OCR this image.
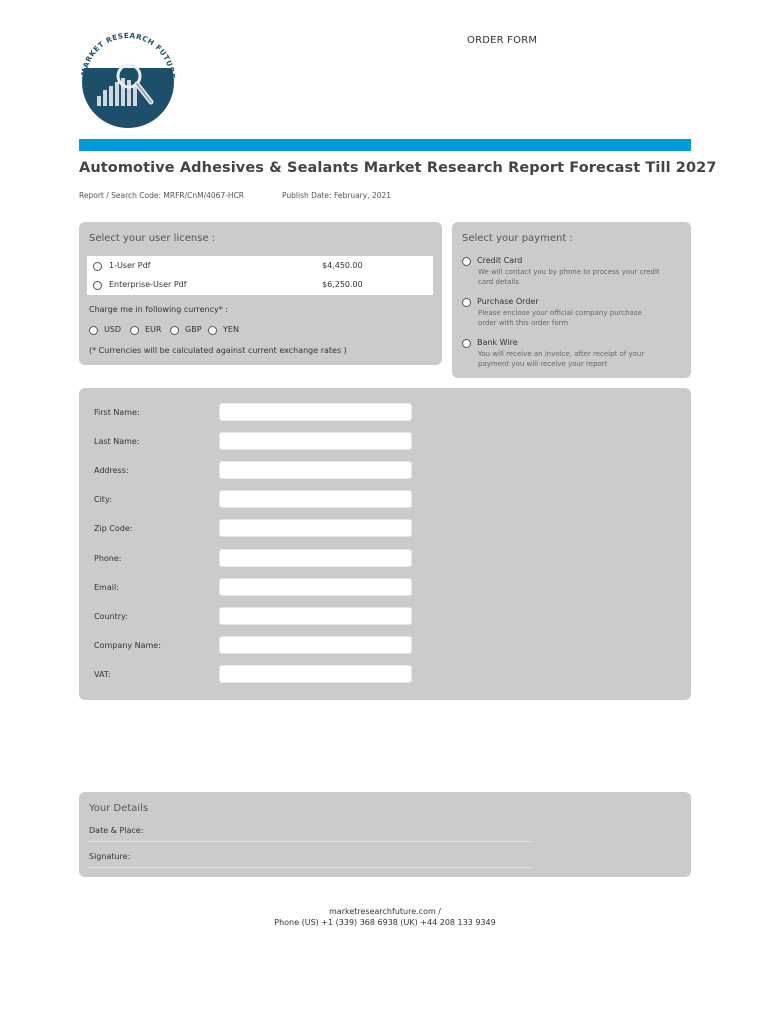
MARKET RESEARCH FUTURE
ORDER FORM
Automotive Adhesives & Sealants Market Research Report Forecast Till 2027
Report / Search Code: MRFR/CnM/4067-HCR	Publish Date: February, 2021
Select your user license :
1-User Pdf	$4,450.00
Enterprise-User Pdf	$6,250.00
Charge me in following currency* :
USD	EUR	GBP	YEN
(* Currencies will be calculated against current exchange rates )
Select your payment :
Credit Card
We will contact you by phone to process your credit
card details
Purchase Order
Please enclose your official company purchase
order with this order form
Bank Wire
You will receive an invoice, after receipt of your
payment you will receive your report
First Name:
Last Name:
Address:
City:
Zip Code:
Phone:
Email:
Country:
Company Name:
VAT:
Your Details
Date & Place:
Signature:
marketresearchfuture.com /
Phone (US) +1 (339) 368 6938 (UK) +44 208 133 9349
